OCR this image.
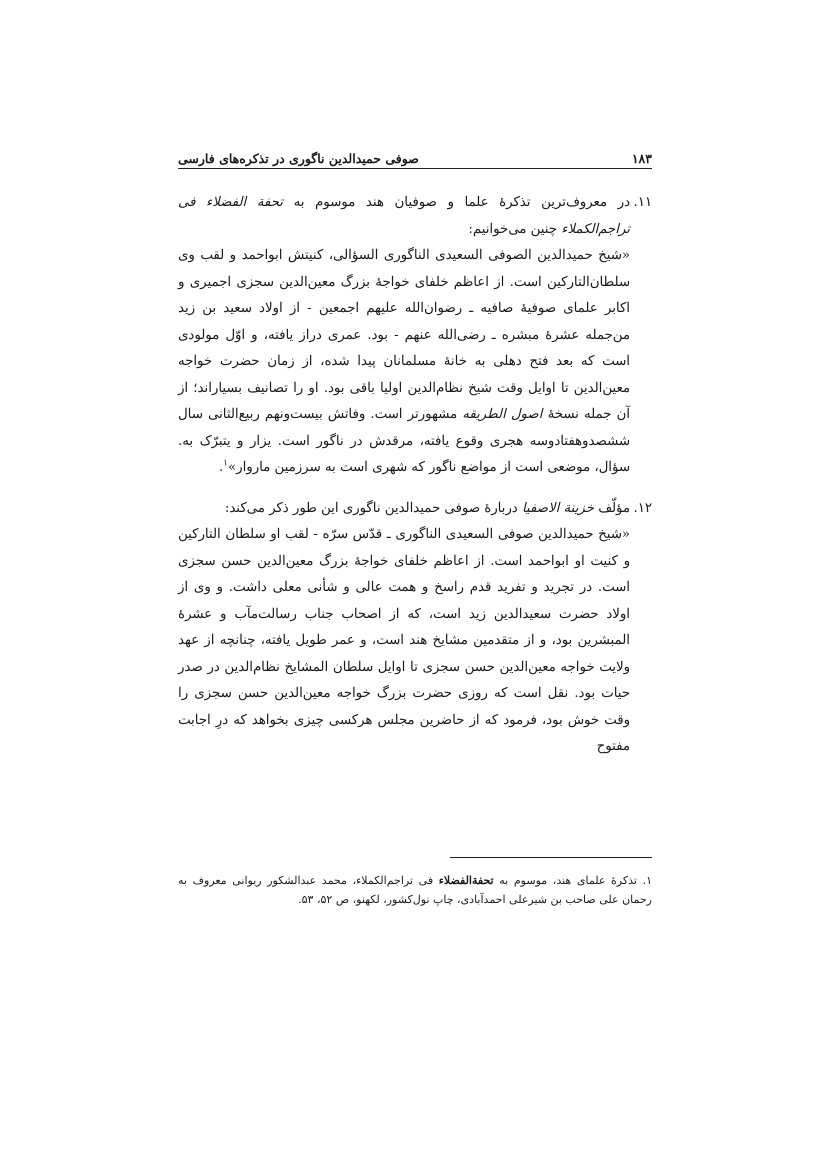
۱۸۳
صوفی حمیدالدین ناگوری در تذکره‌های فارسی
۱۱.

در معروف‌ترین تذکرهٔ علما و صوفیان هند موسوم به تحفة الفضلاء فی تراجم‌الکملاء چنین می‌خوانیم:

«شیخ حمیدالدین الصوفی السعیدی الناگوری السؤالی، کنیتش ابواحمد و لقب وی سلطان‌التارکین است. از اعاظم خلفای خواجهٔ بزرگ معین‌الدین سجزی اجمیری و اکابر علمای صوفیهٔ صافیه ـ رضوان‌الله علیهم اجمعین - از اولاد سعید بن زید من‌جمله عشرهٔ مبشره ـ رضی‌الله عنهم - بود. عمری دراز یافته، و اوّل مولودی است که بعد فتح دهلی به خانهٔ مسلمانان پیدا شده، از زمان حضرت خواجه معین‌الدین تا اوایل وقت شیخ نظام‌الدین اولیا باقی بود. او را تصانیف بسیاراند؛ از آن جمله نسخهٔ اصول الطریقه مشهورتر است. وفاتش بیست‌ونهم ربیع‌الثانی سال ششصدوهفتادوسه هجری وقوع یافته، مرقدش در ناگور است. یزار و یتبرّک به. سؤال، موضعی است از مواضع ناگور که شهری است به سرزمین ماروار»$^۱$.

۱۲.

مؤلّف خزینة الاصفیا دربارهٔ صوفی حمیدالدین ناگوری این طور ذکر می‌کند:

«شیخ حمیدالدین صوفی السعیدی الناگوری ـ قدّس سرّه - لقب او سلطان التارکین و کنیت او ابواحمد است. از اعاظم خلفای خواجهٔ بزرگ معین‌الدین حسن سجزی است. در تجرید و تفرید قدم راسخ و همت عالی و شأنی معلی داشت. و وی از اولاد حضرت سعیدالدین زید است، که از اصحاب جناب رسالت‌مآب و عشرهٔ المبشرین بود، و از متقدمین مشایخ هند است، و عمر طویل یافته، چنانچه از عهد ولایت خواجه معین‌الدین حسن سجزی تا اوایل سلطان المشایخ نظام‌الدین در صدر حیات بود. نقل است که روزی حضرت بزرگ خواجه معین‌الدین حسن سجزی را وقت خوش بود، فرمود که از حاضرین مجلس هرکسی چیزی بخواهد که درِ اجابت مفتوح

۱. تذکرهٔ علمای هند، موسوم به تحفةالفضلاء فی تراجم‌الکملاء، محمد عبدالشکور ریوانی معروف به رحمان علی صاحب بن شیرعلی احمدآبادی، چاپ نول‌کشور، لکهنو، ص ۵۲، ۵۳.
